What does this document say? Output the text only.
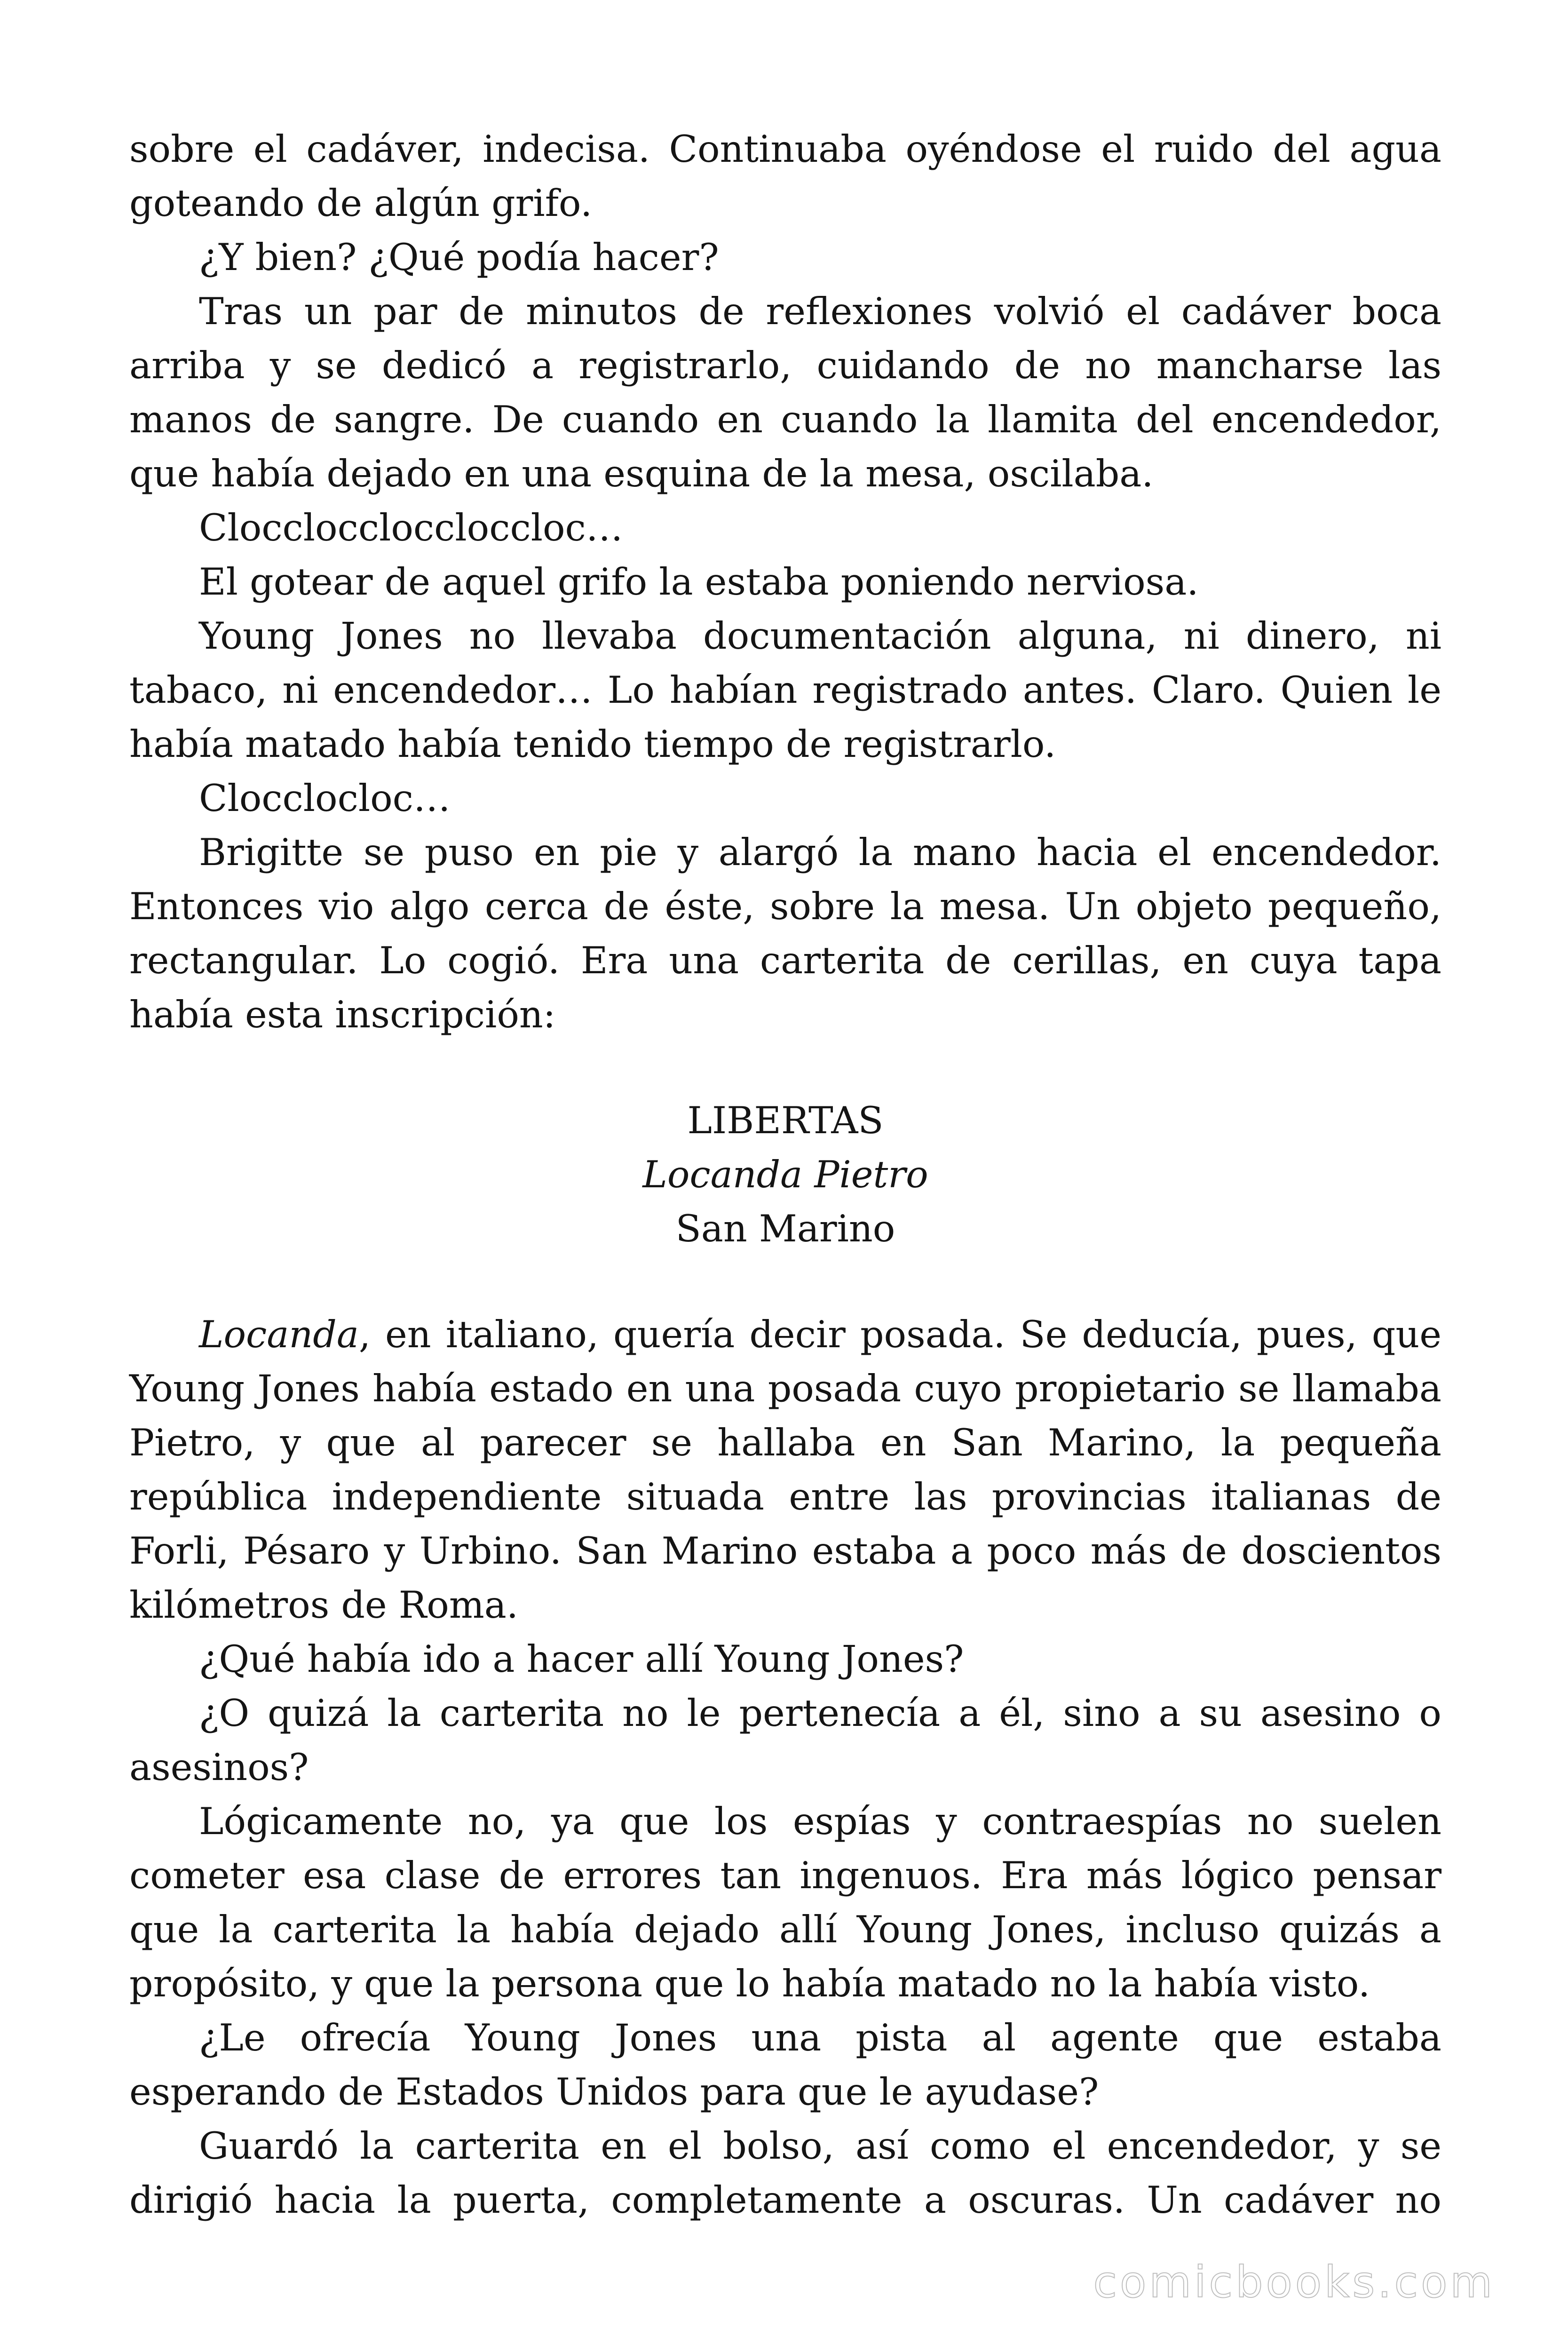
sobre el cadáver, indecisa. Continuaba oyéndose el ruido del agua goteando de algún grifo.

¿Y bien? ¿Qué podía hacer?

Tras un par de minutos de reflexiones volvió el cadáver boca arriba y se dedicó a registrarlo, cuidando de no mancharse las manos de sangre. De cuando en cuando la llamita del encendedor, que había dejado en una esquina de la mesa, oscilaba.

Cloccloccloccloccloc…

El gotear de aquel grifo la estaba poniendo nerviosa.

Young Jones no llevaba documentación alguna, ni dinero, ni tabaco, ni encendedor… Lo habían registrado antes. Claro. Quien le había matado había tenido tiempo de registrarlo.

Clocclocloc…

Brigitte se puso en pie y alargó la mano hacia el encendedor. Entonces vio algo cerca de éste, sobre la mesa. Un objeto pequeño, rectangular. Lo cogió. Era una carterita de cerillas, en cuya tapa había esta inscripción:

LIBERTAS
Locanda Pietro
San Marino

Locanda, en italiano, quería decir posada. Se deducía, pues, que Young Jones había estado en una posada cuyo propietario se llamaba Pietro, y que al parecer se hallaba en San Marino, la pequeña república independiente situada entre las provincias italianas de Forli, Pésaro y Urbino. San Marino estaba a poco más de doscientos kilómetros de Roma.

¿Qué había ido a hacer allí Young Jones?

¿O quizá la carterita no le pertenecía a él, sino a su asesino o asesinos?

Lógicamente no, ya que los espías y contraespías no suelen cometer esa clase de errores tan ingenuos. Era más lógico pensar que la carterita la había dejado allí Young Jones, incluso quizás a propósito, y que la persona que lo había matado no la había visto.

¿Le ofrecía Young Jones una pista al agente que estaba esperando de Estados Unidos para que le ayudase?

Guardó la carterita en el bolso, así como el encendedor, y se dirigió hacia la puerta, completamente a oscuras. Un cadáver no

comicbooks.com
